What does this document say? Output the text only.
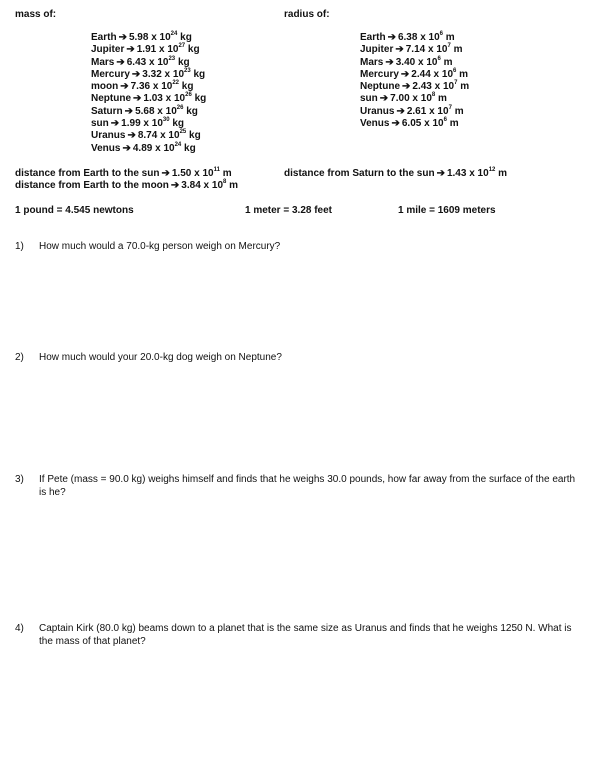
mass of:	radius of:
Earth ➔ 5.98 x $10^{24}$ kg
Jupiter ➔ 1.91 x $10^{27}$ kg
Mars ➔ 6.43 x $10^{23}$ kg
Mercury ➔ 3.32 x $10^{23}$ kg
moon ➔ 7.36 x $10^{22}$ kg
Neptune ➔ 1.03 x $10^{26}$ kg
Saturn ➔ 5.68 x $10^{26}$ kg
sun ➔ 1.99 x $10^{30}$ kg
Uranus ➔ 8.74 x $10^{25}$ kg
Venus ➔ 4.89 x $10^{24}$ kg
Earth ➔ 6.38 x $10^6$ m
Jupiter ➔ 7.14 x $10^7$ m
Mars ➔ 3.40 x $10^6$ m
Mercury ➔ 2.44 x $10^6$ m
Neptune ➔ 2.43 x $10^7$ m
sun ➔ 7.00 x $10^8$ m
Uranus ➔ 2.61 x $10^7$ m
Venus ➔ 6.05 x $10^6$ m
distance from Earth to the sun ➔ 1.50 x $10^{11}$ m
distance from Earth to the moon ➔ 3.84 x $10^8$ m
distance from Saturn to the sun ➔ 1.43 x $10^{12}$ m
1 pound = 4.545 newtons	1 meter = 3.28 feet	1 mile = 1609 meters
1) How much would a 70.0-kg person weigh on Mercury?
2) How much would your 20.0-kg dog weigh on Neptune?
3) If Pete (mass = 90.0 kg) weighs himself and finds that he weighs 30.0 pounds, how far away from the surface of the earth is he?
4) Captain Kirk (80.0 kg) beams down to a planet that is the same size as Uranus and finds that he weighs 1250 N. What is the mass of that planet?
